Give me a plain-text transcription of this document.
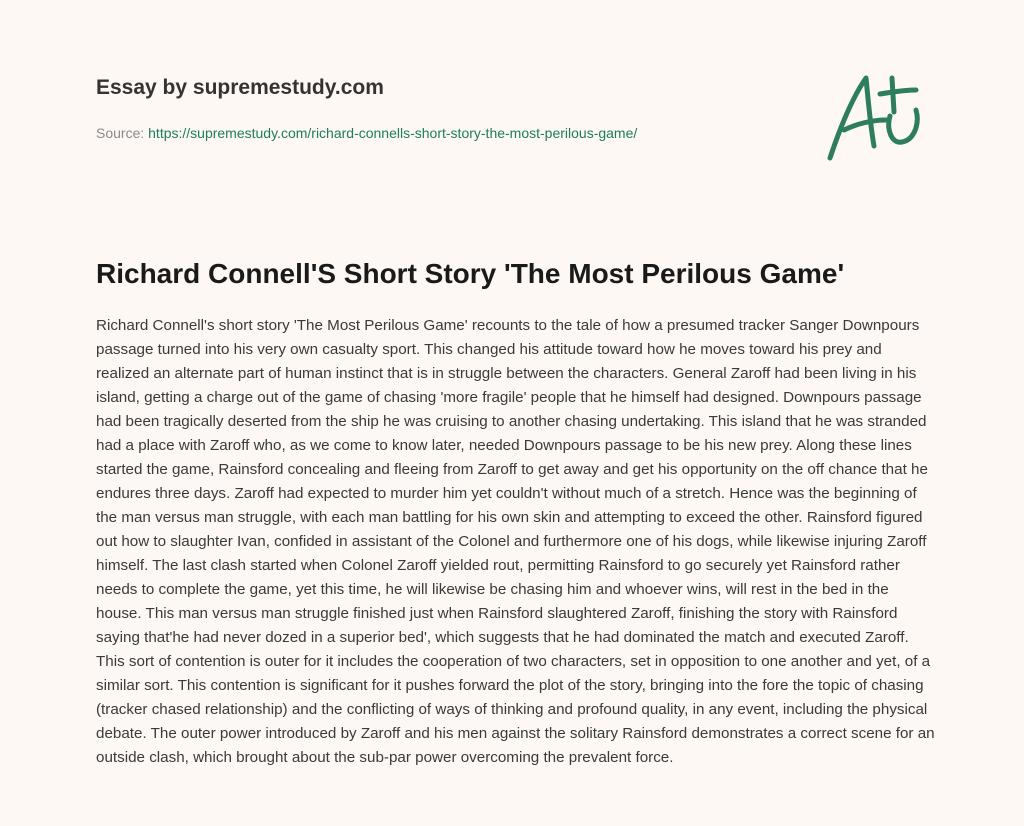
Essay by supremestudy.com
Source: https://supremestudy.com/richard-connells-short-story-the-most-perilous-game/
Richard Connell'S Short Story 'The Most Perilous Game'

Richard Connell's short story 'The Most Perilous Game' recounts to the tale of how a presumed tracker Sanger Downpours passage turned into his very own casualty sport. This changed his attitude toward how he moves toward his prey and realized an alternate part of human instinct that is in struggle between the characters. General Zaroff had been living in his island, getting a charge out of the game of chasing 'more fragile' people that he himself had designed. Downpours passage had been tragically deserted from the ship he was cruising to another chasing undertaking. This island that he was stranded had a place with Zaroff who, as we come to know later, needed Downpours passage to be his new prey. Along these lines started the game, Rainsford concealing and fleeing from Zaroff to get away and get his opportunity on the off chance that he endures three days. Zaroff had expected to murder him yet couldn't without much of a stretch. Hence was the beginning of the man versus man struggle, with each man battling for his own skin and attempting to exceed the other. Rainsford figured out how to slaughter Ivan, confided in assistant of the Colonel and furthermore one of his dogs, while likewise injuring Zaroff himself. The last clash started when Colonel Zaroff yielded rout, permitting Rainsford to go securely yet Rainsford rather needs to complete the game, yet this time, he will likewise be chasing him and whoever wins, will rest in the bed in the house. This man versus man struggle finished just when Rainsford slaughtered Zaroff, finishing the story with Rainsford saying that'he had never dozed in a superior bed', which suggests that he had dominated the match and executed Zaroff. This sort of contention is outer for it includes the cooperation of two characters, set in opposition to one another and yet, of a similar sort. This contention is significant for it pushes forward the plot of the story, bringing into the fore the topic of chasing (tracker chased relationship) and the conflicting of ways of thinking and profound quality, in any event, including the physical debate. The outer power introduced by Zaroff and his men against the solitary Rainsford demonstrates a correct scene for an outside clash, which brought about the sub-par power overcoming the prevalent force.
